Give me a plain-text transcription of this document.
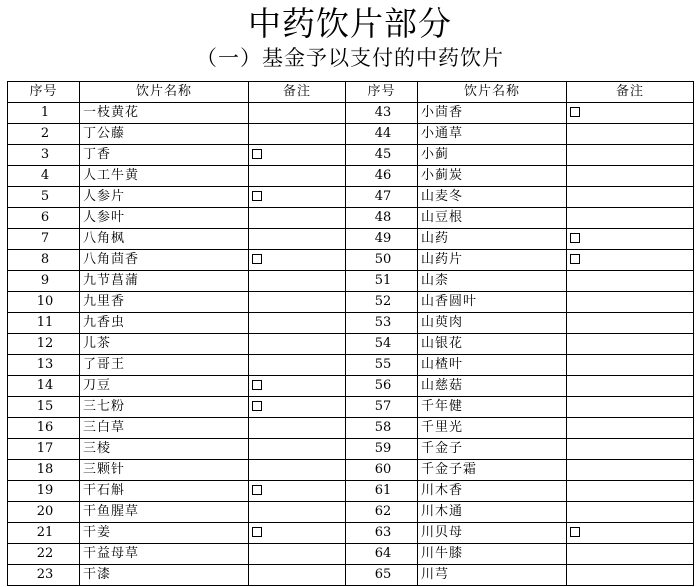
中药饮片部分
（一）基金予以支付的中药饮片
序号	饮片名称	备注	序号	饮片名称	备注
1	一枝黄花		43	小茴香	
2	丁公藤		44	小通草	
3	丁香		45	小蓟	
4	人工牛黄		46	小蓟炭	
5	人参片		47	山麦冬	
6	人参叶		48	山豆根	
7	八角枫		49	山药	
8	八角茴香		50	山药片	
9	九节菖蒲		51	山柰	
10	九里香		52	山香圆叶	
11	九香虫		53	山萸肉	
12	儿茶		54	山银花	
13	了哥王		55	山楂叶	
14	刀豆		56	山慈菇	
15	三七粉		57	千年健	
16	三白草		58	千里光	
17	三棱		59	千金子	
18	三颗针		60	千金子霜	
19	干石斛		61	川木香	
20	干鱼腥草		62	川木通	
21	干姜		63	川贝母	
22	干益母草		64	川牛膝	
23	干漆		65	川芎	
